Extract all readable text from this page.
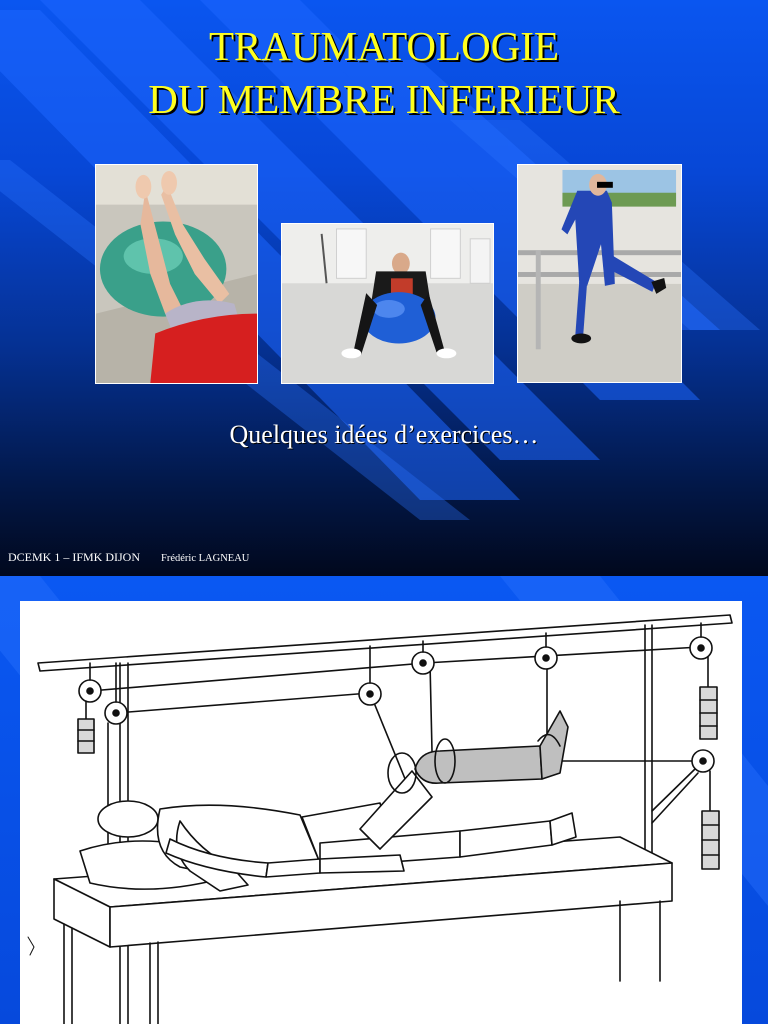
TRAUMATOLOGIE
DU MEMBRE INFERIEUR
Quelques idées d’exercices…
DCEMK 1 – IFMK DIJON Frédéric LAGNEAU
